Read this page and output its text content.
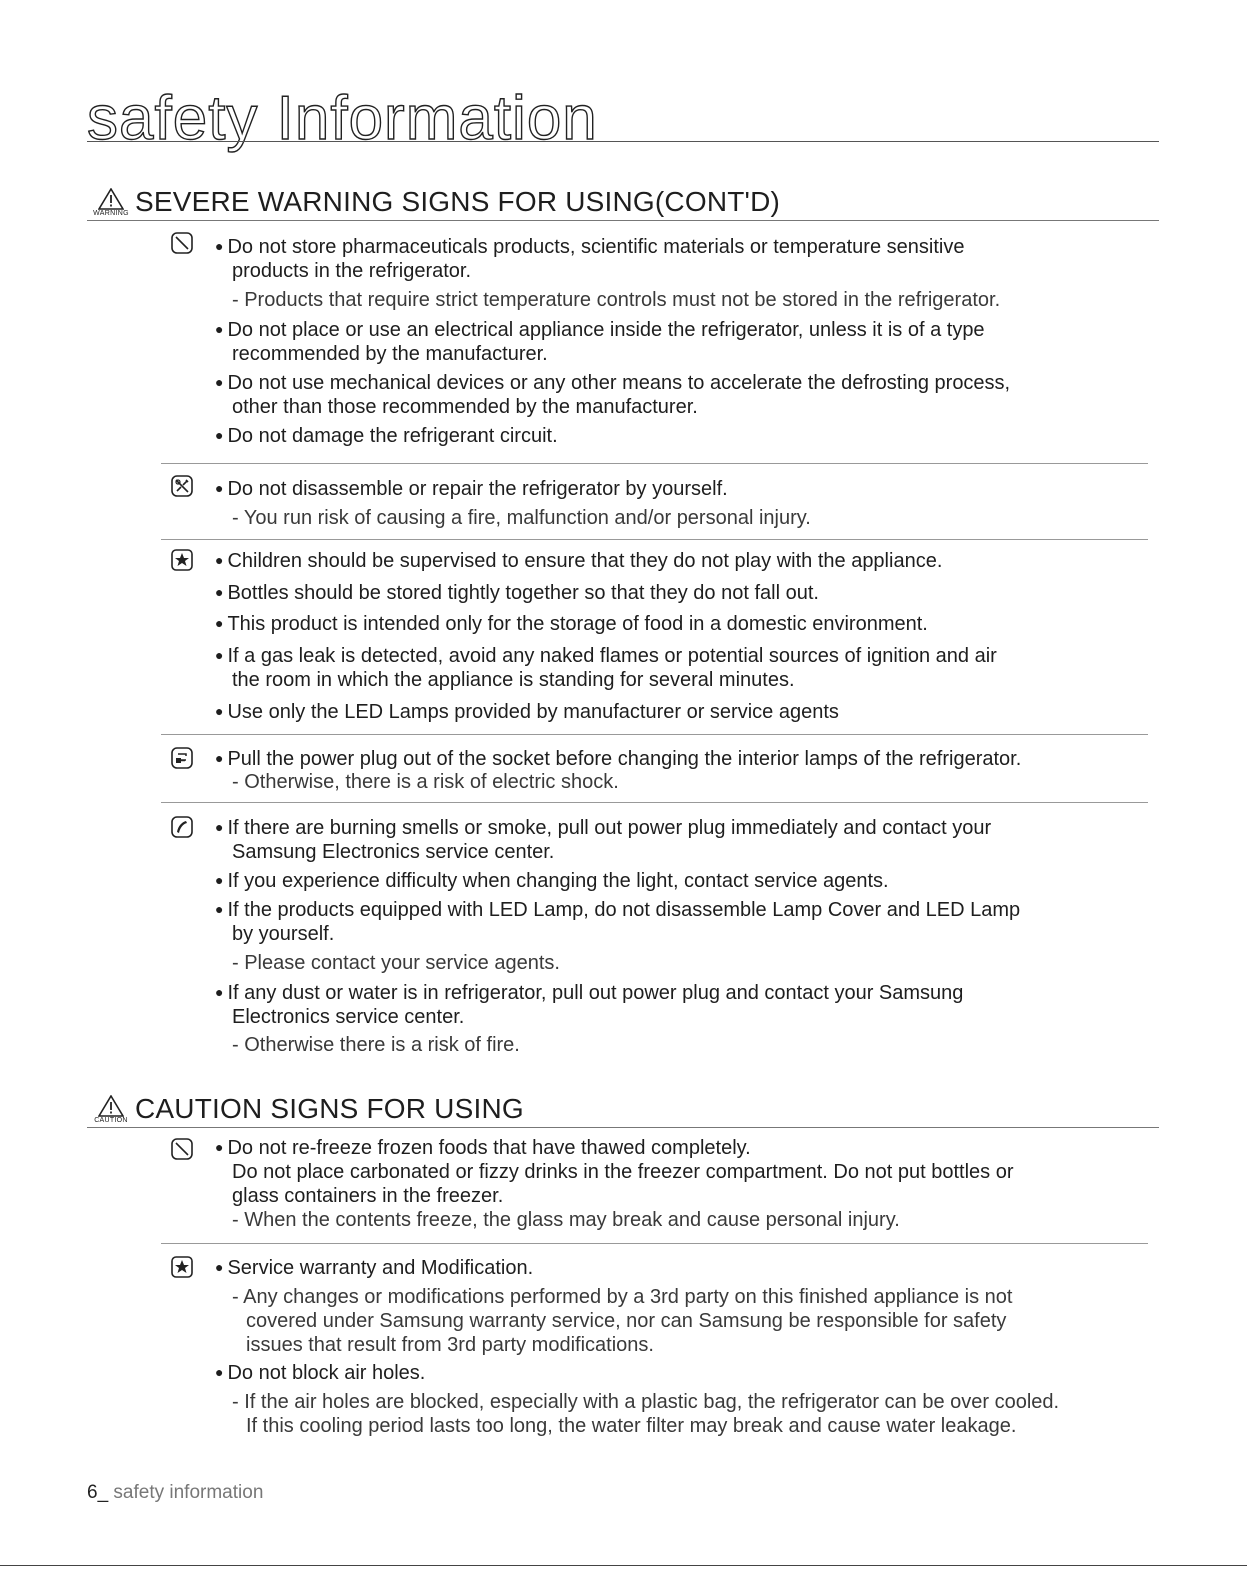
safety Information
WARNING SEVERE WARNING SIGNS FOR USING(CONT'D)
● Do not store pharmaceuticals products, scientific materials or temperature sensitive
products in the refrigerator.
- Products that require strict temperature controls must not be stored in the refrigerator.
● Do not place or use an electrical appliance inside the refrigerator, unless it is of a type
recommended by the manufacturer.
● Do not use mechanical devices or any other means to accelerate the defrosting process,
other than those recommended by the manufacturer.
● Do not damage the refrigerant circuit.
● Do not disassemble or repair the refrigerator by yourself.
- You run risk of causing a fire, malfunction and/or personal injury.
● Children should be supervised to ensure that they do not play with the appliance.
● Bottles should be stored tightly together so that they do not fall out.
● This product is intended only for the storage of food in a domestic environment.
● If a gas leak is detected, avoid any naked flames or potential sources of ignition and air
the room in which the appliance is standing for several minutes.
● Use only the LED Lamps provided by manufacturer or service agents
● Pull the power plug out of the socket before changing the interior lamps of the refrigerator.
- Otherwise, there is a risk of electric shock.
● If there are burning smells or smoke, pull out power plug immediately and contact your
Samsung Electronics service center.
● If you experience difficulty when changing the light, contact service agents.
● If the products equipped with LED Lamp, do not disassemble Lamp Cover and LED Lamp
by yourself.
- Please contact your service agents.
● If any dust or water is in refrigerator, pull out power plug and contact your Samsung
Electronics service center.
- Otherwise there is a risk of fire.
CAUTION CAUTION SIGNS FOR USING
● Do not re-freeze frozen foods that have thawed completely.
Do not place carbonated or fizzy drinks in the freezer compartment. Do not put bottles or
glass containers in the freezer.
- When the contents freeze, the glass may break and cause personal injury.
● Service warranty and Modification.
- Any changes or modifications performed by a 3rd party on this finished appliance is not
covered under Samsung warranty service, nor can Samsung be responsible for safety
issues that result from 3rd party modifications.
● Do not block air holes.
- If the air holes are blocked, especially with a plastic bag, the refrigerator can be over cooled.
If this cooling period lasts too long, the water filter may break and cause water leakage.
6_ safety information
